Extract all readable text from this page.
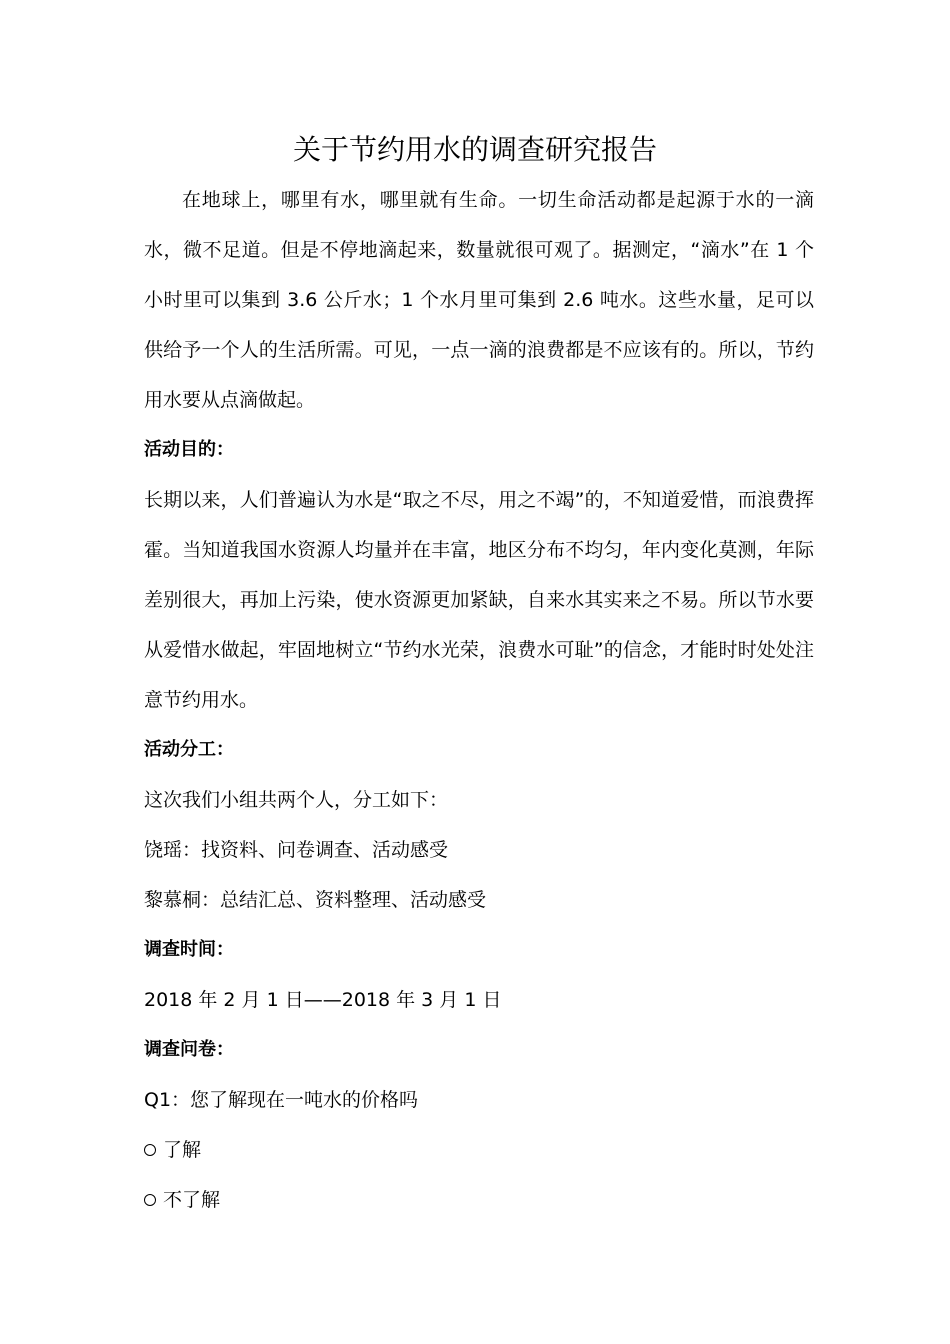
关于节约用水的调查研究报告

在地球上，哪里有水，哪里就有生命。一切生命活动都是起源于水的一滴水，微不足道。但是不停地滴起来，数量就很可观了。据测定，“滴水”在 1 个小时里可以集到 3.6 公斤水；1 个水月里可集到 2.6 吨水。这些水量，足可以供给予一个人的生活所需。可见，一点一滴的浪费都是不应该有的。所以，节约用水要从点滴做起。

活动目的：

长期以来，人们普遍认为水是“取之不尽，用之不竭”的，不知道爱惜，而浪费挥霍。当知道我国水资源人均量并在丰富，地区分布不均匀，年内变化莫测，年际差别很大，再加上污染，使水资源更加紧缺，自来水其实来之不易。所以节水要从爱惜水做起，牢固地树立“节约水光荣，浪费水可耻”的信念，才能时时处处注意节约用水。

活动分工：

这次我们小组共两个人，分工如下：

饶瑶：找资料、问卷调查、活动感受

黎慕桐：总结汇总、资料整理、活动感受

调查时间：

2018 年 2 月 1 日——2018 年 3 月 1 日

调查问卷：

Q1：您了解现在一吨水的价格吗

了解
不了解
